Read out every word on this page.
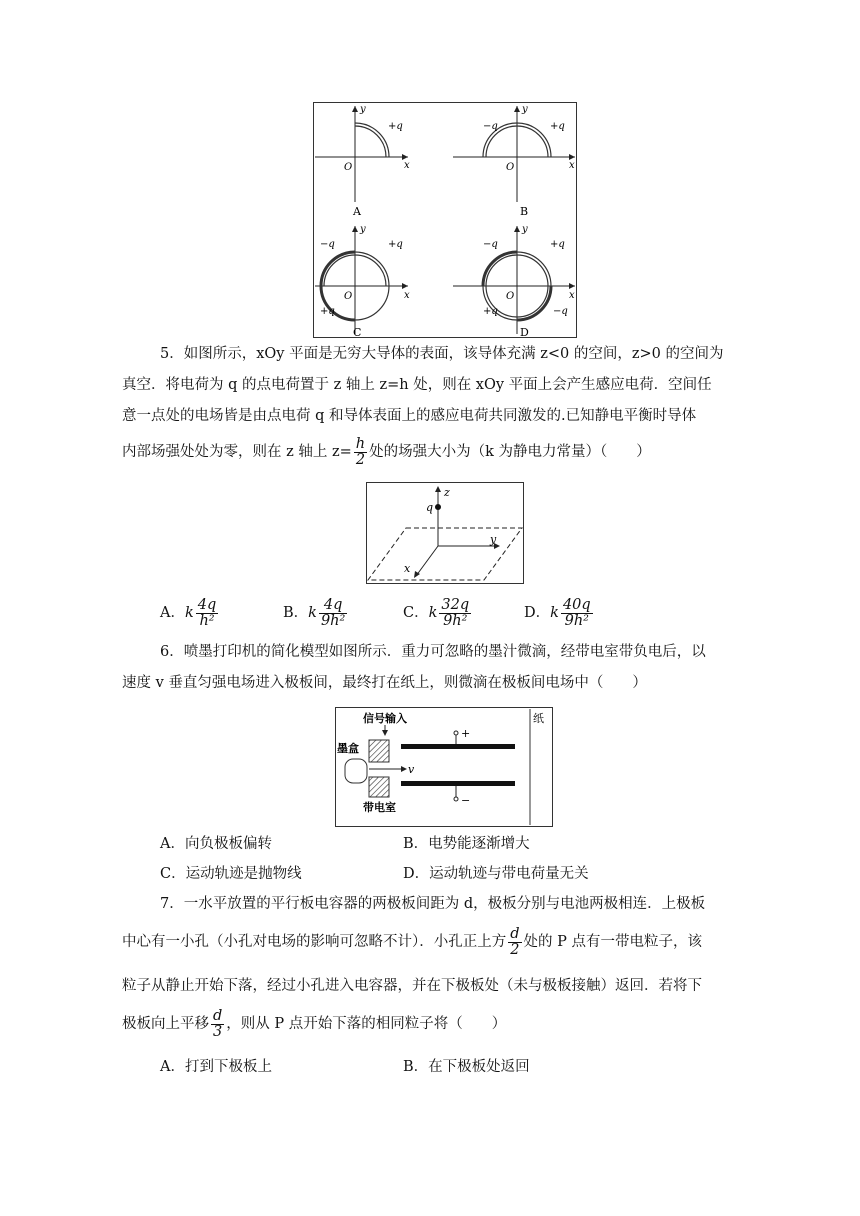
y
x
O
+q
A
y
x
O
−q	+q
B
y
x
O
−q	+q
+q
C
y
x
O
−q	+q
+q	−q
D
5．如图所示，xOy 平面是无穷大导体的表面，该导体充满 z<0 的空间，z>0 的空间为
真空．将电荷为 q 的点电荷置于 z 轴上 z=h 处，则在 xOy 平面上会产生感应电荷．空间任
意一点处的电场皆是由点电荷 q 和导体表面上的感应电荷共同激发的.已知静电平衡时导体
内部场强处处为零，则在 z 轴上 $z= \frac{h}{2}$ 处的场强大小为（k 为静电力常量）（　　）
z
y
x
q
A．k $\frac{4q}{\text{h²}}$	B．k $\frac{4q}{\text{9h²}}$	C．k $\frac{32q}{\text{9h²}}$	D．k $\frac{40q}{\text{9h²}}$
6．喷墨打印机的简化模型如图所示．重力可忽略的墨汁微滴，经带电室带负电后，以
速度 v 垂直匀强电场进入极板间，最终打在纸上，则微滴在极板间电场中（　　）
纸
信号输入
墨盒
v
+
−
带电室
A．向负极板偏转	B．电势能逐渐增大
C．运动轨迹是抛物线	D．运动轨迹与带电荷量无关
7．一水平放置的平行板电容器的两极板间距为 d，极板分别与电池两极相连．上极板
中心有一小孔（小孔对电场的影响可忽略不计）．小孔正上方 $\frac{d}{2}$ 处的 P 点有一带电粒子，该
粒子从静止开始下落，经过小孔进入电容器，并在下极板处（未与极板接触）返回．若将下
极板向上平移 $\frac{d}{3}$ ，则从 P 点开始下落的相同粒子将（　　）
A．打到下极板上	B．在下极板处返回
